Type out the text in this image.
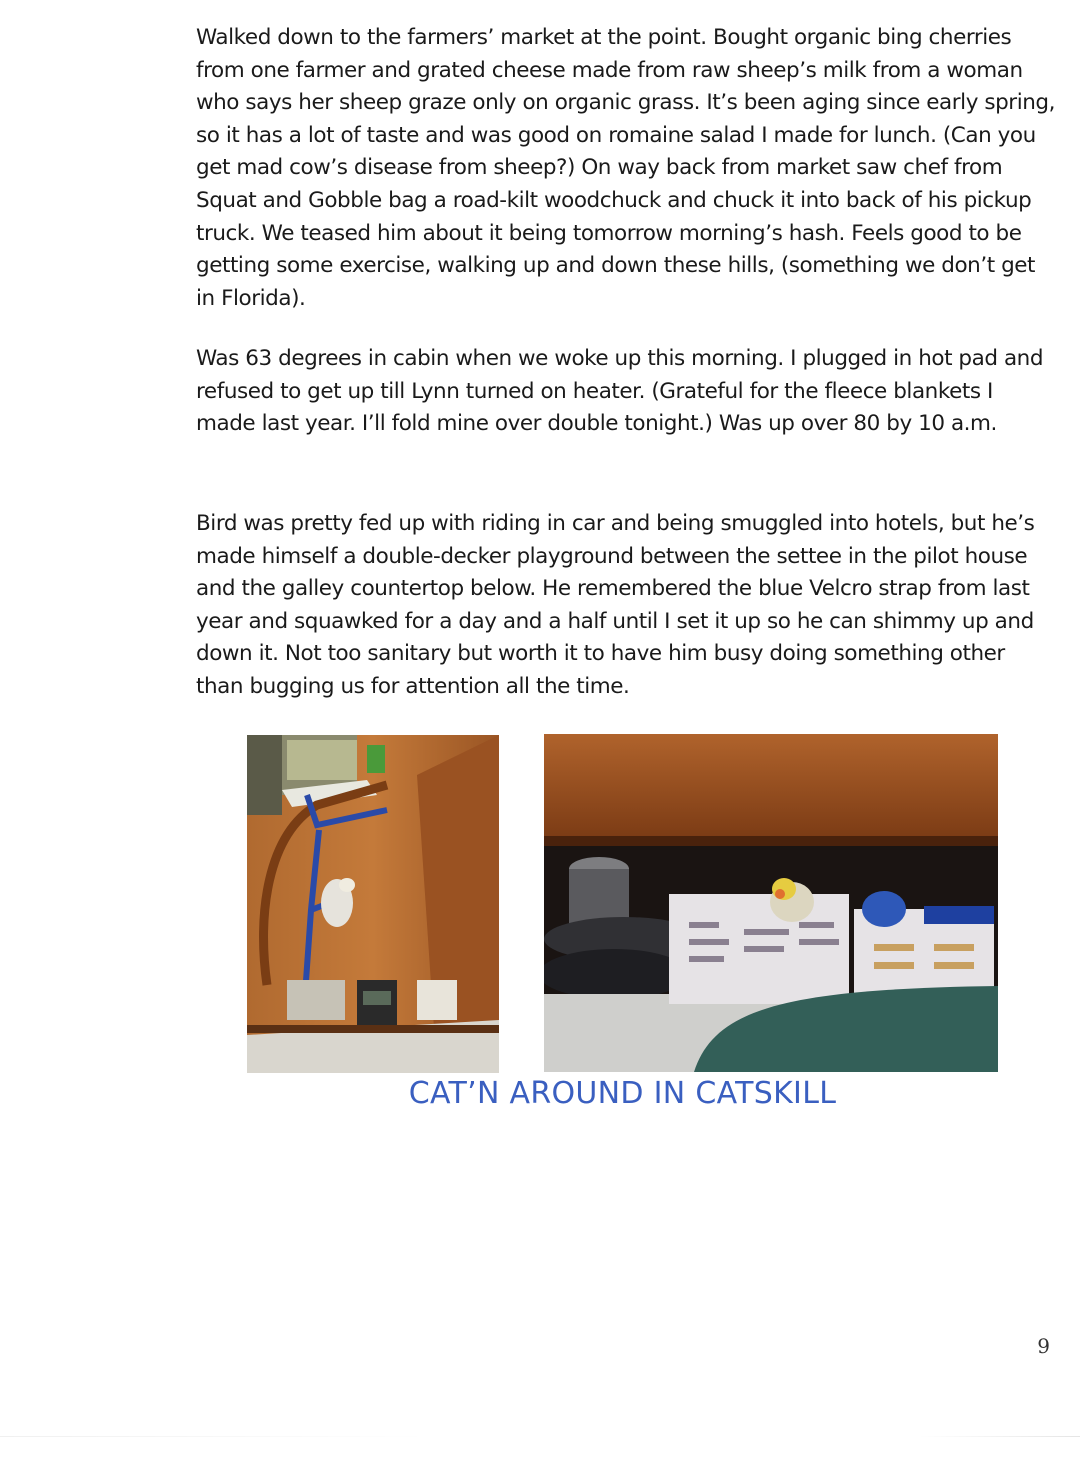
Walked down to the farmers’ market at the point. Bought organic bing cherries from one farmer and grated cheese made from raw sheep’s milk from a woman who says her sheep graze only on organic grass. It’s been aging since early spring, so it has a lot of taste and was good on romaine salad I made for lunch. (Can you get mad cow’s disease from sheep?) On way back from market saw chef from Squat and Gobble bag a road-kilt woodchuck and chuck it into back of his pickup truck. We teased him about it being tomorrow morning’s hash. Feels good to be getting some exercise, walking up and down these hills, (something we don’t get in Florida).

Was 63 degrees in cabin when we woke up this morning. I plugged in hot pad and refused to get up till Lynn turned on heater. (Grateful for the fleece blankets I made last year. I’ll fold mine over double tonight.) Was up over 80 by 10 a.m.

Bird was pretty fed up with riding in car and being smuggled into hotels, but he’s made himself a double-decker playground between the settee in the pilot house and the galley countertop below. He remembered the blue Velcro strap from last year and squawked for a day and a half until I set it up so he can shimmy up and down it. Not too sanitary but worth it to have him busy doing something other than bugging us for attention all the time.

CAT’N AROUND IN CATSKILL
9
